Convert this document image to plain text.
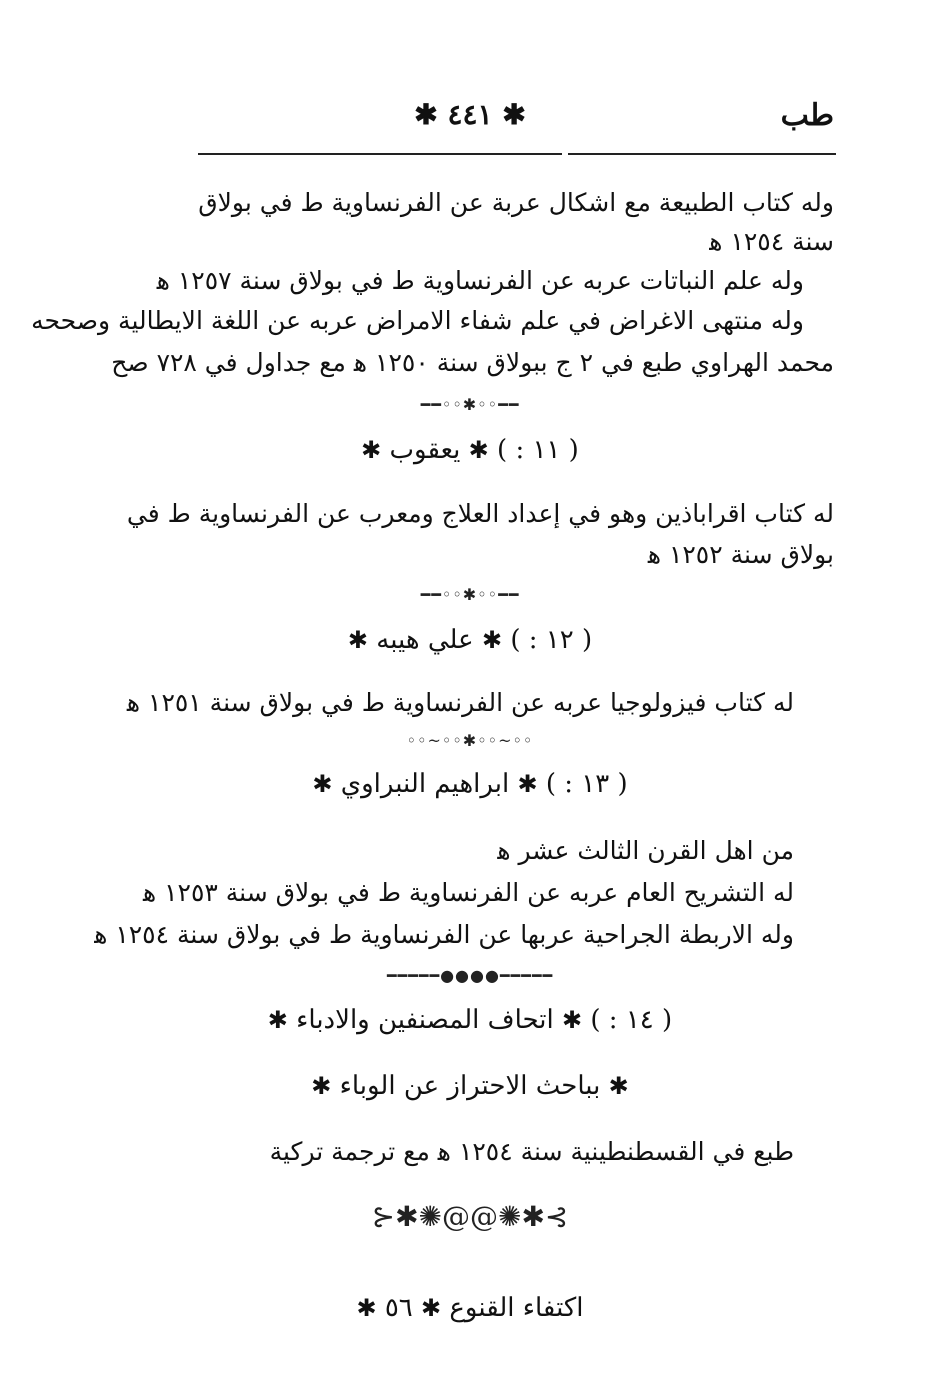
طب
✱ ٤٤١ ✱
وله كتاب الطبيعة مع اشكال عربة عن الفرنساوية ط في بولاق
سنة ١٢٥٤ ﻫ
وله علم النباتات عربه عن الفرنساوية ط في بولاق سنة ١٢٥٧ ﻫ
وله منتهى الاغراض في علم شفاء الامراض عربه عن اللغة الايطالية وصححه
محمد الهراوي طبع في ٢ ج ببولاق سنة ١٢٥٠ ﻫ مع جداول في ٧٢٨ صح
━━◦◦✱◦◦━━
( ١١ : ) ✱ يعقوب ✱
له كتاب اقراباذين وهو في إعداد العلاج ومعرب عن الفرنساوية ط في
بولاق سنة ١٢٥٢ ﻫ
━━◦◦✱◦◦━━
( ١٢ : ) ✱ علي هيبه ✱
له كتاب فيزولوجيا عربه عن الفرنساوية ط في بولاق سنة ١٢٥١ ﻫ
◦◦~◦◦✱◦◦~◦◦
( ١٣ : ) ✱ ابراهيم النبراوي ✱
من اهل القرن الثالث عشر ﻫ
له التشريح العام عربه عن الفرنساوية ط في بولاق سنة ١٢٥٣ ﻫ
وله الاربطة الجراحية عربها عن الفرنساوية ط في بولاق سنة ١٢٥٤ ﻫ
━━━━━●●●●━━━━━
( ١٤ : ) ✱ اتحاف المصنفين والادباء ✱
✱ بباحث الاحتراز عن الوباء ✱
طبع في القسطنطينية سنة ١٢٥٤ ﻫ مع ترجمة تركية
⊱✱✺@@✺✱⊰
اكتفاء القنوع ✱ ٥٦ ✱
